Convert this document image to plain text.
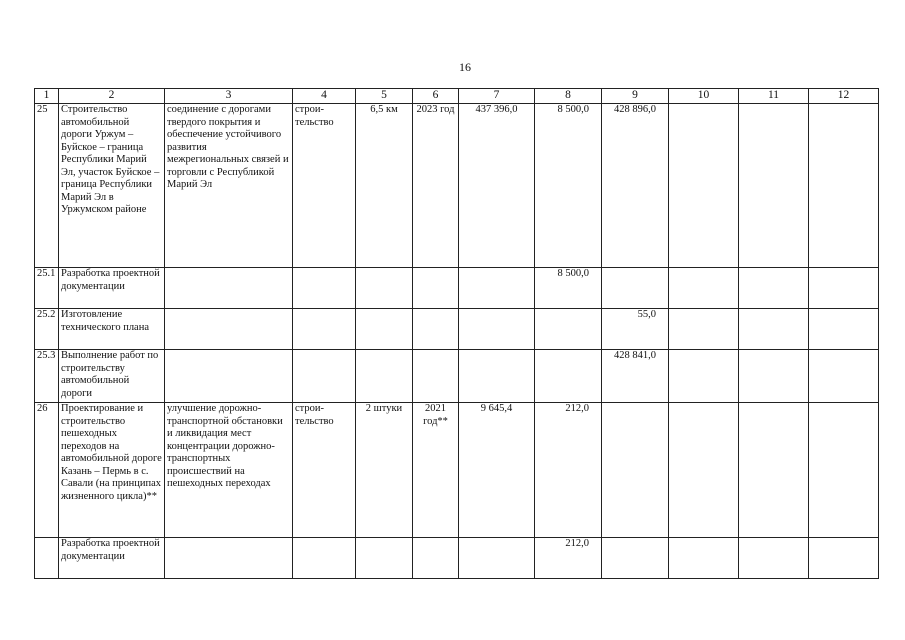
16
1	2	3	4	5	6	7	8	9	10	11	12
25	Строительство автомобильной дороги Уржум – Буйское – граница Республики Марий Эл, участок Буйское – граница Республики Марий Эл в Уржумском районе	соединение с дорогами твердого покрытия и обеспечение устойчивого развития межрегиональных связей и торговли с Республикой Марий Эл	строи-тельство	6,5 км	2023 год	437 396,0	8 500,0	428 896,0			
25.1	Разработка проектной документации						8 500,0				
25.2	Изготовление технического плана							55,0			
25.3	Выполнение работ по строительству автомобильной дороги							428 841,0			
26	Проектирование и строительство пешеходных переходов на автомобильной дороге Казань – Пермь в с. Савали (на принципах жизненного цикла)**	улучшение дорожно-транспортной обстановки и ликвидация мест концентрации дорожно-транспортных происшествий на пешеходных переходах	строи-тельство	2 штуки	2021 год**	9 645,4	212,0				
	Разработка проектной документации						212,0				
